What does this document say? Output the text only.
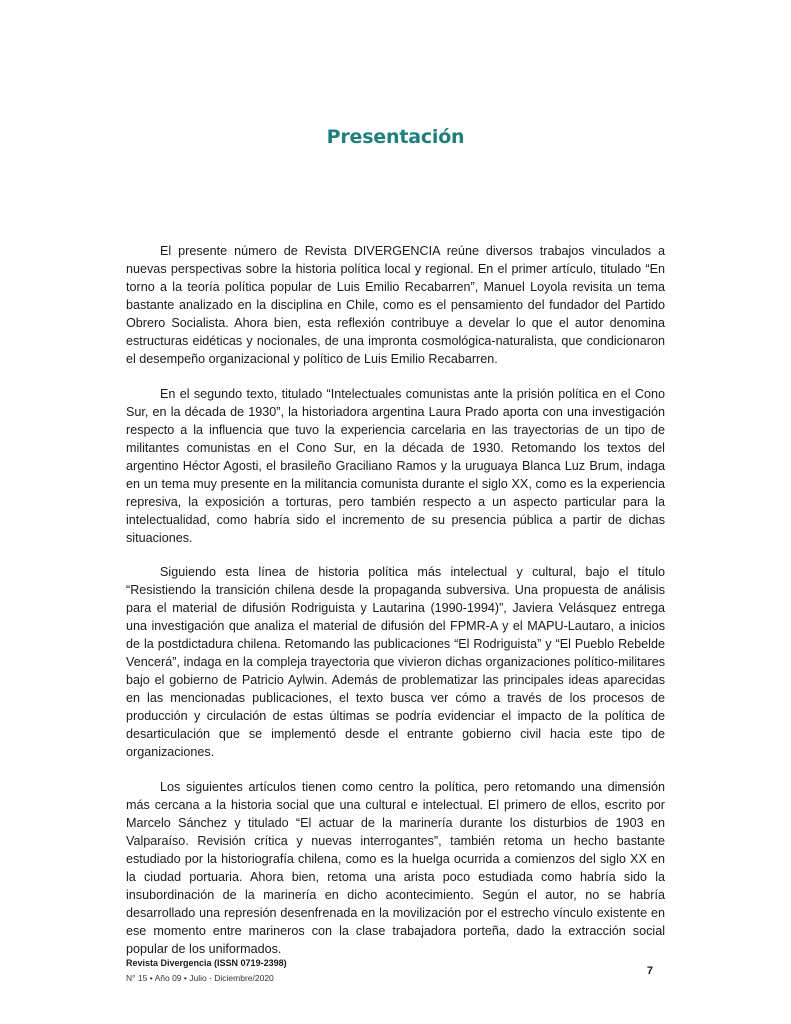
Presentación

El presente número de Revista DIVERGENCIA reúne diversos trabajos vinculados a nuevas perspectivas sobre la historia política local y regional. En el primer artículo, titulado “En torno a la teoría política popular de Luis Emilio Recabarren”, Manuel Loyola revisita un tema bastante analizado en la disciplina en Chile, como es el pensamiento del fundador del Partido Obrero Socialista. Ahora bien, esta reflexión contribuye a develar lo que el autor denomina estructuras eidéticas y nocionales, de una impronta cosmológica-naturalista, que condicionaron el desempeño organizacional y político de Luis Emilio Recabarren.

En el segundo texto, titulado “Intelectuales comunistas ante la prisión política en el Cono Sur, en la década de 1930”, la historiadora argentina Laura Prado aporta con una investigación respecto a la influencia que tuvo la experiencia carcelaria en las trayectorias de un tipo de militantes comunistas en el Cono Sur, en la década de 1930. Retomando los textos del argentino Héctor Agosti, el brasileño Graciliano Ramos y la uruguaya Blanca Luz Brum, indaga en un tema muy presente en la militancia comunista durante el siglo XX, como es la experiencia represiva, la exposición a torturas, pero también respecto a un aspecto particular para la intelectualidad, como habría sido el incremento de su presencia pública a partir de dichas situaciones.

Siguiendo esta línea de historia política más intelectual y cultural, bajo el título “Resistiendo la transición chilena desde la propaganda subversiva. Una propuesta de análisis para el material de difusión Rodriguista y Lautarina (1990-1994)”, Javiera Velásquez entrega una investigación que analiza el material de difusión del FPMR-A y el MAPU-Lautaro, a inicios de la postdictadura chilena. Retomando las publicaciones “El Rodriguista” y “El Pueblo Rebelde Vencerá”, indaga en la compleja trayectoria que vivieron dichas organizaciones político-militares bajo el gobierno de Patricio Aylwin. Además de problematizar las principales ideas aparecidas en las mencionadas publicaciones, el texto busca ver cómo a través de los procesos de producción y circulación de estas últimas se podría evidenciar el impacto de la política de desarticulación que se implementó desde el entrante gobierno civil hacia este tipo de organizaciones.

Los siguientes artículos tienen como centro la política, pero retomando una dimensión más cercana a la historia social que una cultural e intelectual. El primero de ellos, escrito por Marcelo Sánchez y titulado “El actuar de la marinería durante los disturbios de 1903 en Valparaíso. Revisión crítica y nuevas interrogantes”, también retoma un hecho bastante estudiado por la historiografía chilena, como es la huelga ocurrida a comienzos del siglo XX en la ciudad portuaria. Ahora bien, retoma una arista poco estudiada como habría sido la insubordinación de la marinería en dicho acontecimiento. Según el autor, no se habría desarrollado una represión desenfrenada en la movilización por el estrecho vínculo existente en ese momento entre marineros con la clase trabajadora porteña, dado la extracción social popular de los uniformados.

Revista Divergencia (ISSN 0719-2398)
N° 15 • Año 09 • Julio - Diciembre/2020
7
